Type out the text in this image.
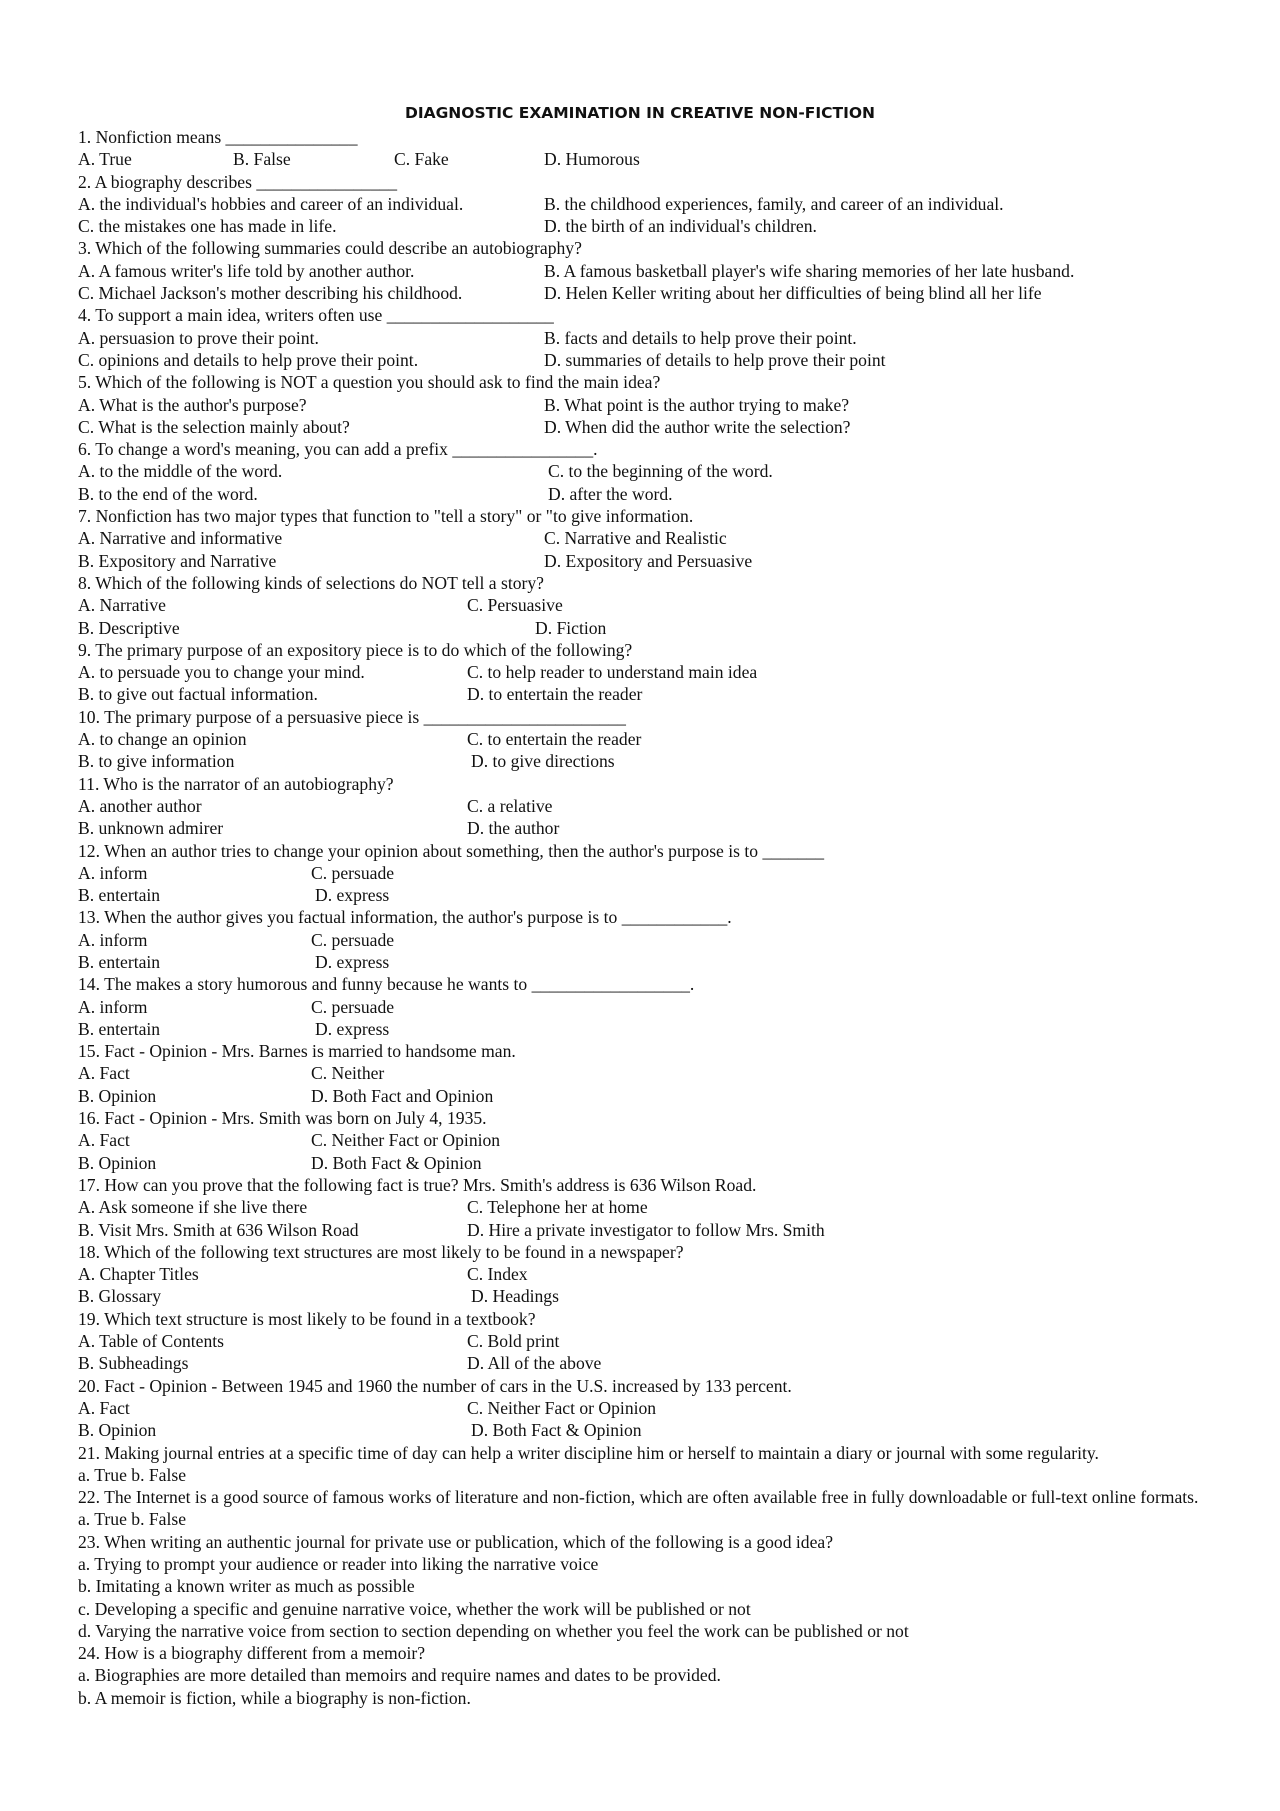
DIAGNOSTIC EXAMINATION IN CREATIVE NON-FICTION
1. Nonfiction means _______________
A. True	B. False	C. Fake	D. Humorous
2. A biography describes ________________
A. the individual's hobbies and career of an individual.	B. the childhood experiences, family, and career of an individual.
C. the mistakes one has made in life.	D. the birth of an individual's children.
3. Which of the following summaries could describe an autobiography?
A. A famous writer's life told by another author.	B. A famous basketball player's wife sharing memories of her late husband.
C. Michael Jackson's mother describing his childhood.	D. Helen Keller writing about her difficulties of being blind all her life
4. To support a main idea, writers often use ___________________
A. persuasion to prove their point.	B. facts and details to help prove their point.
C. opinions and details to help prove their point.	D. summaries of details to help prove their point
5. Which of the following is NOT a question you should ask to find the main idea?
A. What is the author's purpose?	B. What point is the author trying to make?
C. What is the selection mainly about?	D. When did the author write the selection?
6. To change a word's meaning, you can add a prefix ________________.
A. to the middle of the word.	C. to the beginning of the word.
B. to the end of the word.	D. after the word.
7. Nonfiction has two major types that function to "tell a story" or "to give information.
A. Narrative and informative	C. Narrative and Realistic
B. Expository and Narrative	D. Expository and Persuasive
8. Which of the following kinds of selections do NOT tell a story?
A. Narrative	C. Persuasive
B. Descriptive	D. Fiction
9. The primary purpose of an expository piece is to do which of the following?
A. to persuade you to change your mind.	C. to help reader to understand main idea
B. to give out factual information.	D. to entertain the reader
10. The primary purpose of a persuasive piece is _______________________
A. to change an opinion	C. to entertain the reader
B. to give information	D. to give directions
11. Who is the narrator of an autobiography?
A. another author	C. a relative
B. unknown admirer	D. the author
12. When an author tries to change your opinion about something, then the author's purpose is to _______
A. inform	C. persuade
B. entertain	D. express
13. When the author gives you factual information, the author's purpose is to ____________.
A. inform	C. persuade
B. entertain	D. express
14. The makes a story humorous and funny because he wants to __________________.
A. inform	C. persuade
B. entertain	D. express
15. Fact - Opinion - Mrs. Barnes is married to handsome man.
A. Fact	C. Neither
B. Opinion	D. Both Fact and Opinion
16. Fact - Opinion - Mrs. Smith was born on July 4, 1935.
A. Fact	C. Neither Fact or Opinion
B. Opinion	D. Both Fact & Opinion
17. How can you prove that the following fact is true? Mrs. Smith's address is 636 Wilson Road.
A. Ask someone if she live there	C. Telephone her at home
B. Visit Mrs. Smith at 636 Wilson Road	D. Hire a private investigator to follow Mrs. Smith
18. Which of the following text structures are most likely to be found in a newspaper?
A. Chapter Titles	C. Index
B. Glossary	D. Headings
19. Which text structure is most likely to be found in a textbook?
A. Table of Contents	C. Bold print
B. Subheadings	D. All of the above
20. Fact - Opinion - Between 1945 and 1960 the number of cars in the U.S. increased by 133 percent.
A. Fact	C. Neither Fact or Opinion
B. Opinion	D. Both Fact & Opinion
21. Making journal entries at a specific time of day can help a writer discipline him or herself to maintain a diary or journal with some regularity.
a. True b. False
22. The Internet is a good source of famous works of literature and non-fiction, which are often available free in fully downloadable or full-text online formats.
a. True b. False
23. When writing an authentic journal for private use or publication, which of the following is a good idea?
a. Trying to prompt your audience or reader into liking the narrative voice
b. Imitating a known writer as much as possible
c. Developing a specific and genuine narrative voice, whether the work will be published or not
d. Varying the narrative voice from section to section depending on whether you feel the work can be published or not
24. How is a biography different from a memoir?
a. Biographies are more detailed than memoirs and require names and dates to be provided.
b. A memoir is fiction, while a biography is non-fiction.
